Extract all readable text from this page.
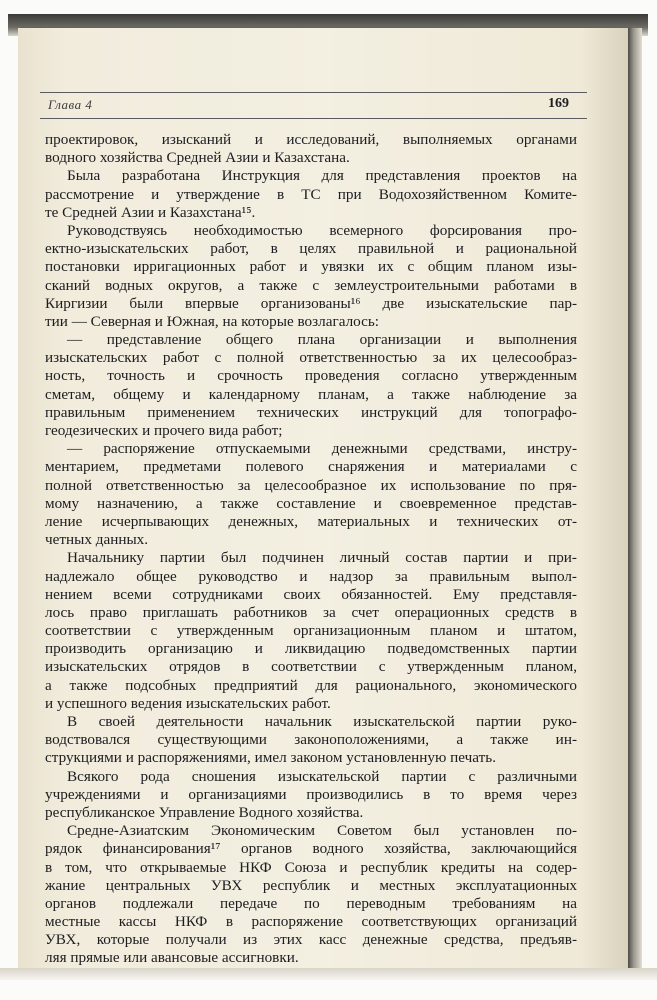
Глава 4	169

проектировок, изысканий и исследований, выполняемых органами

водного хозяйства Средней Азии и Казахстана.

Была разработана Инструкция для представления проектов на

рассмотрение и утверждение в ТС при Водохозяйственном Комите-

те Средней Азии и Казахстана¹⁵.

Руководствуясь необходимостью всемерного форсирования про-

ектно-изыскательских работ, в целях правильной и рациональной

постановки ирригационных работ и увязки их с общим планом изы-

сканий водных округов, а также с землеустроительными работами в

Киргизии были впервые организованы¹⁶ две изыскательские пар-

тии — Северная и Южная, на которые возлагалось:

— представление общего плана организации и выполнения

изыскательских работ с полной ответственностью за их целесообраз-

ность, точность и срочность проведения согласно утвержденным

сметам, общему и календарному планам, а также наблюдение за

правильным применением технических инструкций для топографо-

геодезических и прочего вида работ;

— распоряжение отпускаемыми денежными средствами, инстру-

ментарием, предметами полевого снаряжения и материалами с

полной ответственностью за целесообразное их использование по пря-

мому назначению, а также составление и своевременное представ-

ление исчерпывающих денежных, материальных и технических от-

четных данных.

Начальнику партии был подчинен личный состав партии и при-

надлежало общее руководство и надзор за правильным выпол-

нением всеми сотрудниками своих обязанностей. Ему представля-

лось право приглашать работников за счет операционных средств в

соответствии с утвержденным организационным планом и штатом,

производить организацию и ликвидацию подведомственных партии

изыскательских отрядов в соответствии с утвержденным планом,

а также подсобных предприятий для рационального, экономического

и успешного ведения изыскательских работ.

В своей деятельности начальник изыскательской партии руко-

водствовался существующими законоположениями, а также ин-

струкциями и распоряжениями, имел законом установленную печать.

Всякого рода сношения изыскательской партии с различными

учреждениями и организациями производились в то время через

республиканское Управление Водного хозяйства.

Средне-Азиатским Экономическим Советом был установлен по-

рядок финансирования¹⁷ органов водного хозяйства, заключающийся

в том, что открываемые НКФ Союза и республик кредиты на содер-

жание центральных УВХ республик и местных эксплуатационных

органов подлежали передаче по переводным требованиям на

местные кассы НКФ в распоряжение соответствующих организаций

УВХ, которые получали из этих касс денежные средства, предъяв-

ляя прямые или авансовые ассигновки.
